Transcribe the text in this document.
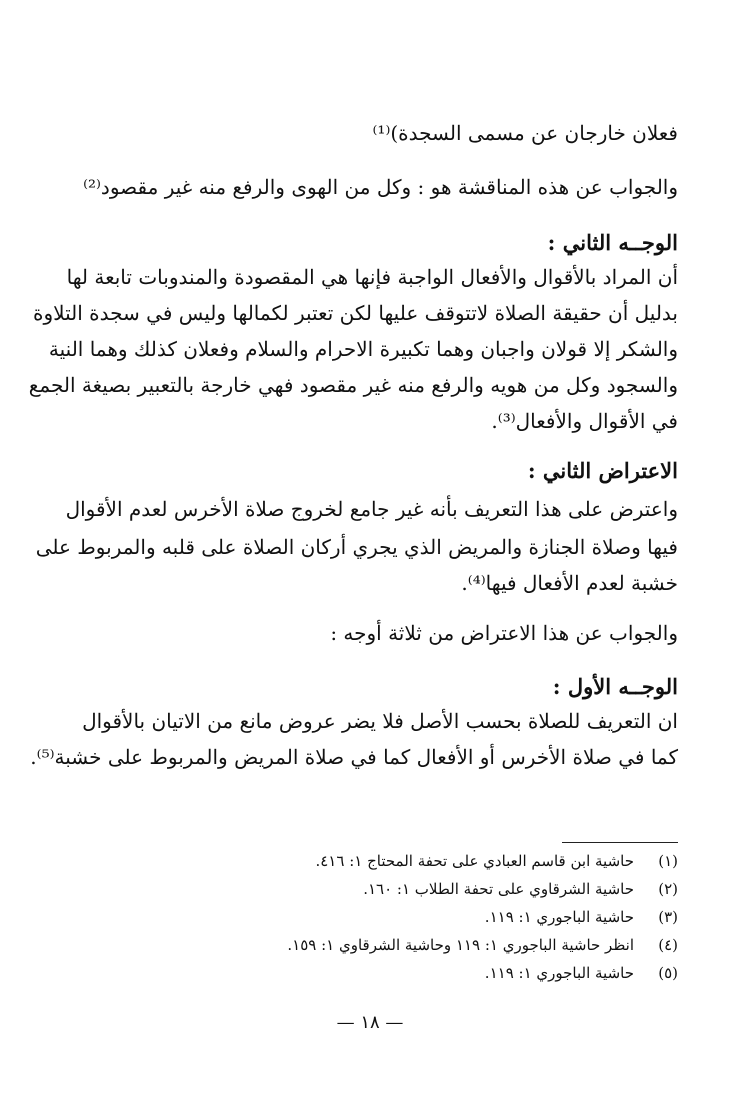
فعلان خارجان عن مسمى السجدة)⁽¹⁾
والجواب عن هذه المناقشة هو : وكل من الهوى والرفع منه غير مقصود⁽²⁾
الوجــه الثاني :
أن المراد بالأقوال والأفعال الواجبة فإنها هي المقصودة والمندوبات تابعة لها
بدليل أن حقيقة الصلاة لاتتوقف عليها لكن تعتبر لكمالها وليس في سجدة التلاوة
والشكر إلا قولان واجبان وهما تكبيرة الاحرام والسلام وفعلان كذلك وهما النية
والسجود وكل من هويه والرفع منه غير مقصود فهي خارجة بالتعبير بصيغة الجمع
في الأقوال والأفعال⁽³⁾.
الاعتراض الثاني :
واعترض على هذا التعريف بأنه غير جامع لخروج صلاة الأخرس لعدم الأقوال
فيها وصلاة الجنازة والمريض الذي يجري أركان الصلاة على قلبه والمربوط على
خشبة لعدم الأفعال فيها⁽⁴⁾.
والجواب عن هذا الاعتراض من ثلاثة أوجه :
الوجــه الأول :
ان التعريف للصلاة بحسب الأصل فلا يضر عروض مانع من الاتيان بالأقوال
كما في صلاة الأخرس أو الأفعال كما في صلاة المريض والمربوط على خشبة⁽⁵⁾.
(١)حاشية ابن قاسم العبادي على تحفة المحتاج ١: ٤١٦.
(٢)حاشية الشرقاوي على تحفة الطلاب ١: ١٦٠.
(٣)حاشية الباجوري ١: ١١٩.
(٤)انظر حاشية الباجوري ١: ١١٩ وحاشية الشرقاوي ١: ١٥٩.
(٥)حاشية الباجوري ١: ١١٩.
— ١٨ —
